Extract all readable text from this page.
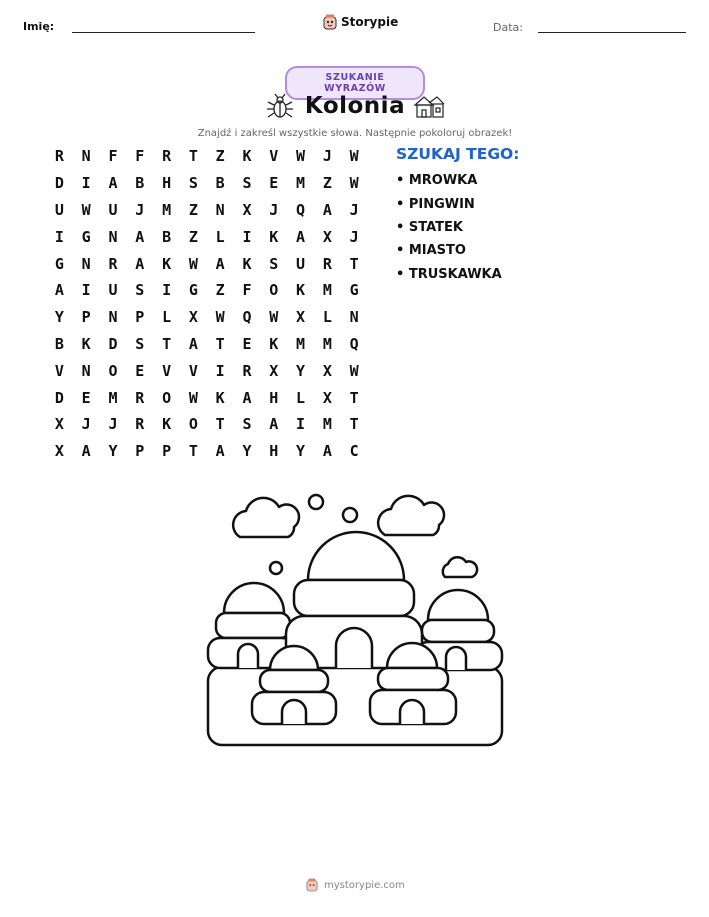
Imię:	Storypie	Data:
SZUKANIE WYRAZÓW
Kolonia
Znajdź i zakreśl wszystkie słowa. Następnie pokoloruj obrazek!
R	N	F	F	R	T	Z	K	V	W	J	W
D	I	A	B	H	S	B	S	E	M	Z	W
U	W	U	J	M	Z	N	X	J	Q	A	J
I	G	N	A	B	Z	L	I	K	A	X	J
G	N	R	A	K	W	A	K	S	U	R	T
A	I	U	S	I	G	Z	F	O	K	M	G
Y	P	N	P	L	X	W	Q	W	X	L	N
B	K	D	S	T	A	T	E	K	M	M	Q
V	N	O	E	V	V	I	R	X	Y	X	W
D	E	M	R	O	W	K	A	H	L	X	T
X	J	J	R	K	O	T	S	A	I	M	T
X	A	Y	P	P	T	A	Y	H	Y	A	C
SZUKAJ TEGO:
• MROWKA
• PINGWIN
• STATEK
• MIASTO
• TRUSKAWKA
mystorypie.com
